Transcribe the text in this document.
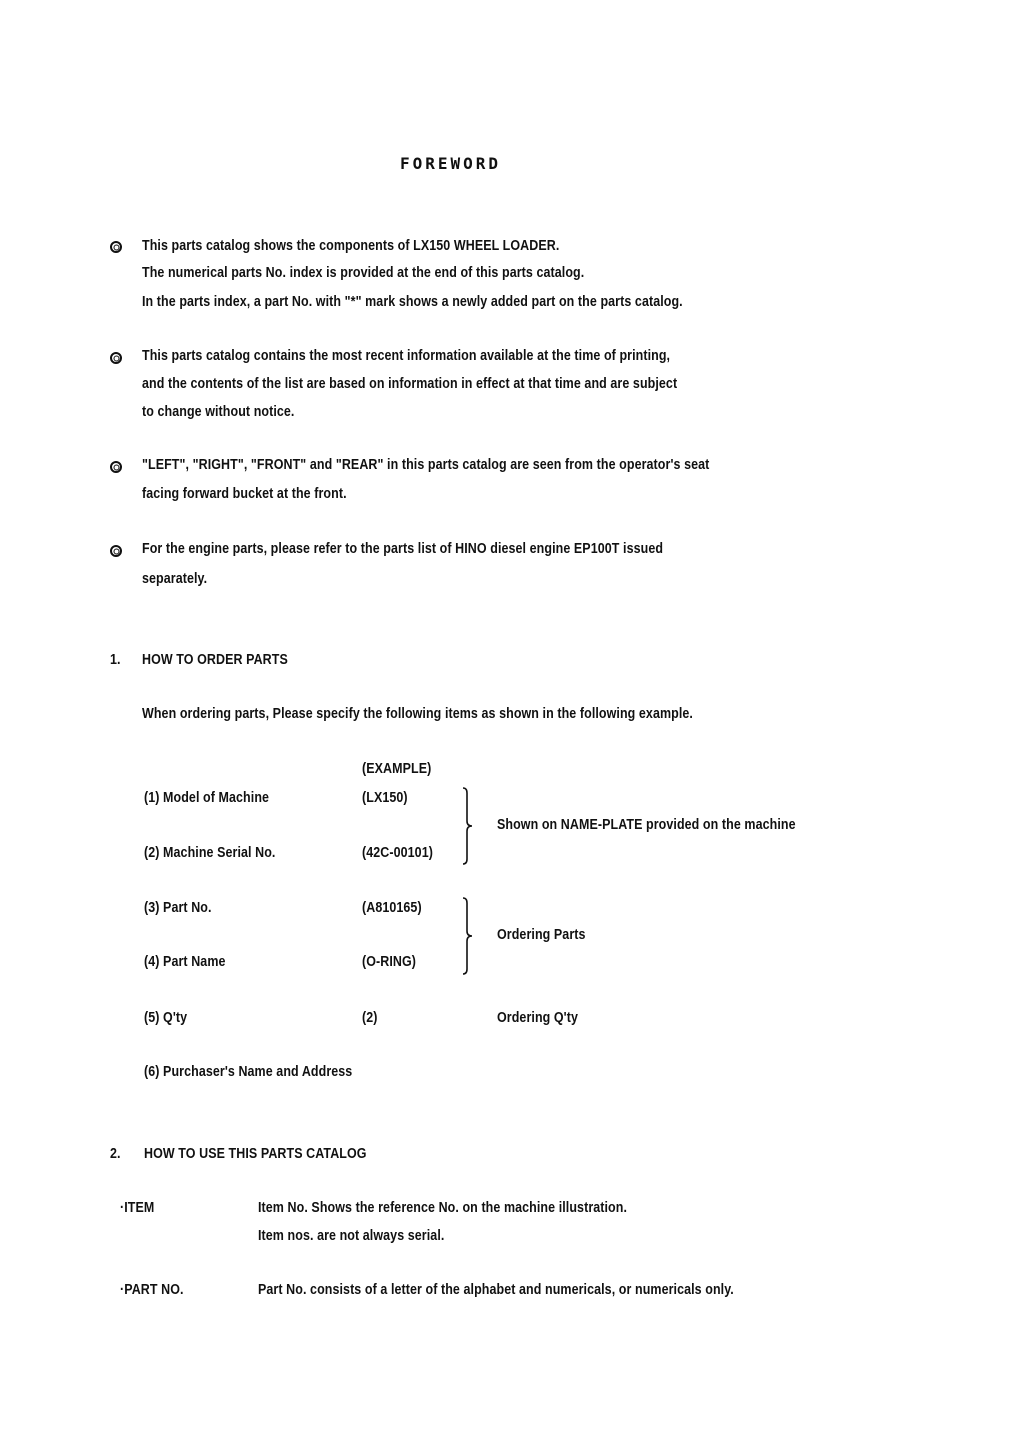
FOREWORD
This parts catalog shows the components of LX150 WHEEL LOADER.
The numerical parts No. index is provided at the end of this parts catalog.
In the parts index, a part No. with "*" mark shows a newly added part on the parts catalog.
This parts catalog contains the most recent information available at the time of printing,
and the contents of the list are based on information in effect at that time and are subject
to change without notice.
"LEFT", "RIGHT", "FRONT" and "REAR" in this parts catalog are seen from the operator's seat
facing forward bucket at the front.
For the engine parts, please refer to the parts list of HINO diesel engine EP100T issued
separately.
1. HOW TO ORDER PARTS
When ordering parts, Please specify the following items as shown in the following example.
(EXAMPLE)
(1) Model of Machine	(LX150)
(2) Machine Serial No.	(42C-00101)
Shown on NAME-PLATE provided on the machine
(3) Part No.	(A810165)
(4) Part Name	(O-RING)
Ordering Parts
(5) Q'ty	(2)	Ordering Q'ty
(6) Purchaser's Name and Address
2. HOW TO USE THIS PARTS CATALOG
·ITEM	Item No. Shows the reference No. on the machine illustration.
Item nos. are not always serial.
·PART NO.	Part No. consists of a letter of the alphabet and numericals, or numericals only.
